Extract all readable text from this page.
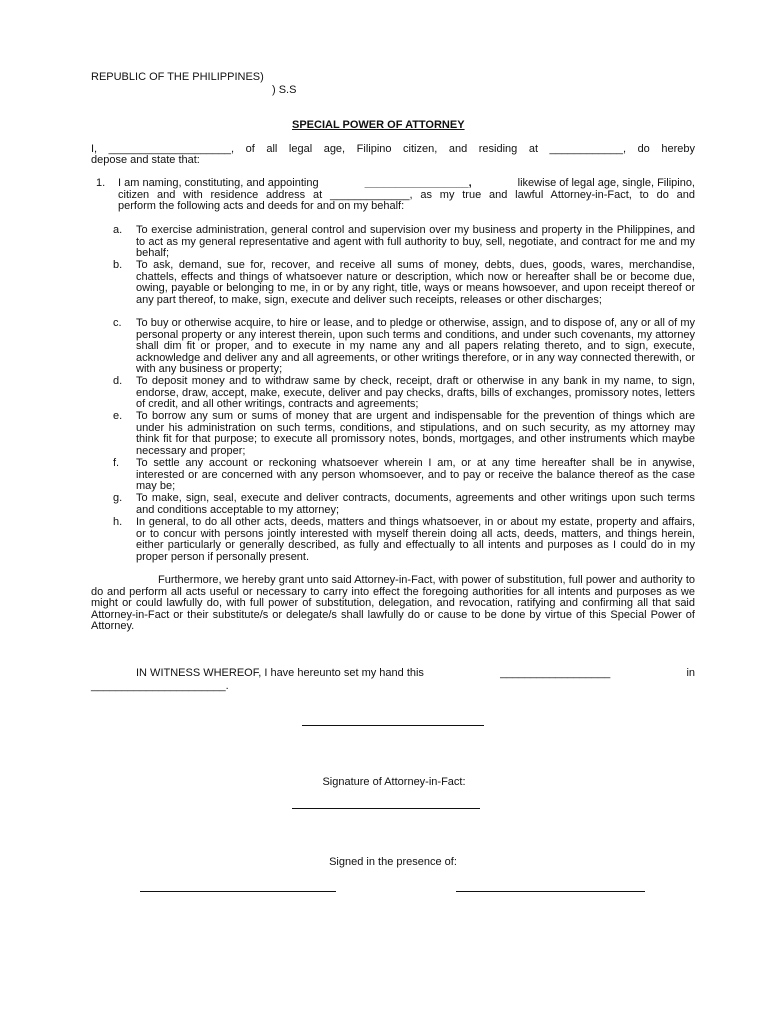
REPUBLIC OF THE PHILIPPINES)
) S.S
SPECIAL POWER OF ATTORNEY
I, ____________________, of all legal age, Filipino citizen, and residing at ____________, do hereby
depose and state that:
1. I am naming, constituting, and appointing	_________________,	likewise of legal age, single, Filipino,
citizen and with residence address at _____________, as my true and lawful Attorney-in-Fact, to do and
perform the following acts and deeds for and on my behalf:
a. To exercise administration, general control and supervision over my business and property in the Philippines, and to act as my general representative and agent with full authority to buy, sell, negotiate, and contract for me and my behalf;
b. To ask, demand, sue for, recover, and receive all sums of money, debts, dues, goods, wares, merchandise, chattels, effects and things of whatsoever nature or description, which now or hereafter shall be or become due, owing, payable or belonging to me, in or by any right, title, ways or means howsoever, and upon receipt thereof or any part thereof, to make, sign, execute and deliver such receipts, releases or other discharges;
c. To buy or otherwise acquire, to hire or lease, and to pledge or otherwise, assign, and to dispose of, any or all of my personal property or any interest therein, upon such terms and conditions, and under such covenants, my attorney shall dim fit or proper, and to execute in my name any and all papers relating thereto, and to sign, execute, acknowledge and deliver any and all agreements, or other writings therefore, or in any way connected therewith, or with any business or property;
d. To deposit money and to withdraw same by check, receipt, draft or otherwise in any bank in my name, to sign, endorse, draw, accept, make, execute, deliver and pay checks, drafts, bills of exchanges, promissory notes, letters of credit, and all other writings, contracts and agreements;
e. To borrow any sum or sums of money that are urgent and indispensable for the prevention of things which are under his administration on such terms, conditions, and stipulations, and on such security, as my attorney may think fit for that purpose; to execute all promissory notes, bonds, mortgages, and other instruments which maybe necessary and proper;
f. To settle any account or reckoning whatsoever wherein I am, or at any time hereafter shall be in anywise, interested or are concerned with any person whomsoever, and to pay or receive the balance thereof as the case may be;
g. To make, sign, seal, execute and deliver contracts, documents, agreements and other writings upon such terms and conditions acceptable to my attorney;
h. In general, to do all other acts, deeds, matters and things whatsoever, in or about my estate, property and affairs, or to concur with persons jointly interested with myself therein doing all acts, deeds, matters, and things herein, either particularly or generally described, as fully and effectually to all intents and purposes as I could do in my proper person if personally present.
Furthermore, we hereby grant unto said Attorney-in-Fact, with power of substitution, full power and authority to do and perform all acts useful or necessary to carry into effect the foregoing authorities for all intents and purposes as we might or could lawfully do, with full power of substitution, delegation, and revocation, ratifying and confirming all that said Attorney-in-Fact or their substitute/s or delegate/s shall lawfully do or cause to be done by virtue of this Special Power of Attorney.
IN WITNESS WHEREOF, I have hereunto set my hand this	__________________	in
______________________.
Signature of Attorney-in-Fact:
Signed in the presence of:
